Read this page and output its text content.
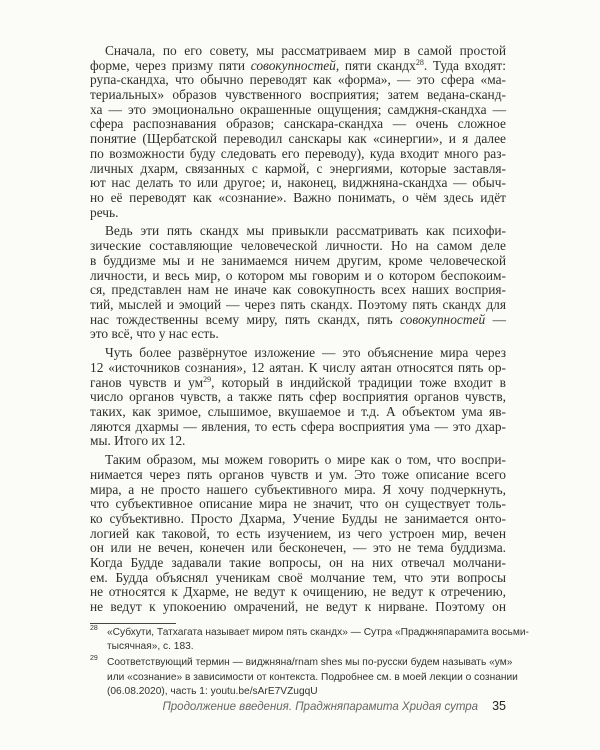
Сначала, по его совету, мы рассматриваем мир в самой простой
форме, через призму пяти совокупностей, пяти скандх$^{28}$. Туда входят:
рупа-скандха, что обычно переводят как «форма», — это сфера «ма-
териальных» образов чувственного восприятия; затем ведана-сканд-
ха — это эмоционально окрашенные ощущения; самджня-скандха —
сфера распознавания образов; санскара-скандха — очень сложное
понятие (Щербатской переводил санскары как «синергии», и я далее
по возможности буду следовать его переводу), куда входит много раз-
личных дхарм, связанных с кармой, с энергиями, которые заставля-
ют нас делать то или другое; и, наконец, виджняна-скандха — обыч-
но её переводят как «сознание». Важно понимать, о чём здесь идёт
речь.
Ведь эти пять скандх мы привыкли рассматривать как психофи-
зические составляющие человеческой личности. Но на самом деле
в буддизме мы и не занимаемся ничем другим, кроме человеческой
личности, и весь мир, о котором мы говорим и о котором беспокоим-
ся, представлен нам не иначе как совокупность всех наших восприя-
тий, мыслей и эмоций — через пять скандх. Поэтому пять скандх для
нас тождественны всему миру, пять скандх, пять совокупностей —
это всё, что у нас есть.
Чуть более развёрнутое изложение — это объяснение мира через
12 «источников сознания», 12 аятан. К числу аятан относятся пять ор-
ганов чувств и $ум^{29}$, который в индийской традиции тоже входит в
число органов чувств, а также пять сфер восприятия органов чувств,
таких, как зримое, слышимое, вкушаемое и т.д. А объектом ума яв-
ляются дхармы — явления, то есть сфера восприятия ума — это дхар-
мы. Итого их 12.
Таким образом, мы можем говорить о мире как о том, что воспри-
нимается через пять органов чувств и ум. Это тоже описание всего
мира, а не просто нашего субъективного мира. Я хочу подчеркнуть,
что субъективное описание мира не значит, что он существует толь-
ко субъективно. Просто Дхарма, Учение Будды не занимается онто-
логией как таковой, то есть изучением, из чего устроен мир, вечен
он или не вечен, конечен или бесконечен, — это не тема буддизма.
Когда Будде задавали такие вопросы, он на них отвечал молчани-
ем. Будда объяснял ученикам своё молчание тем, что эти вопросы
не относятся к Дхарме, не ведут к очищению, не ведут к отречению,
не ведут к упокоению омрачений, не ведут к нирване. Поэтому он
28 «Субхути, Татхагата называет миром пять скандх» — Сутра «Праджняпарамита восьми-
тысячная», с. 183.
29 Соответствующий термин — виджняна/rnam shes мы по-русски будем называть «ум»
или «сознание» в зависимости от контекста. Подробнее см. в моей лекции о сознании
(06.08.2020), часть 1: youtu.be/sArE7VZugqU
Продолжение введения. Праджняпарамита Хридая сутра 35
